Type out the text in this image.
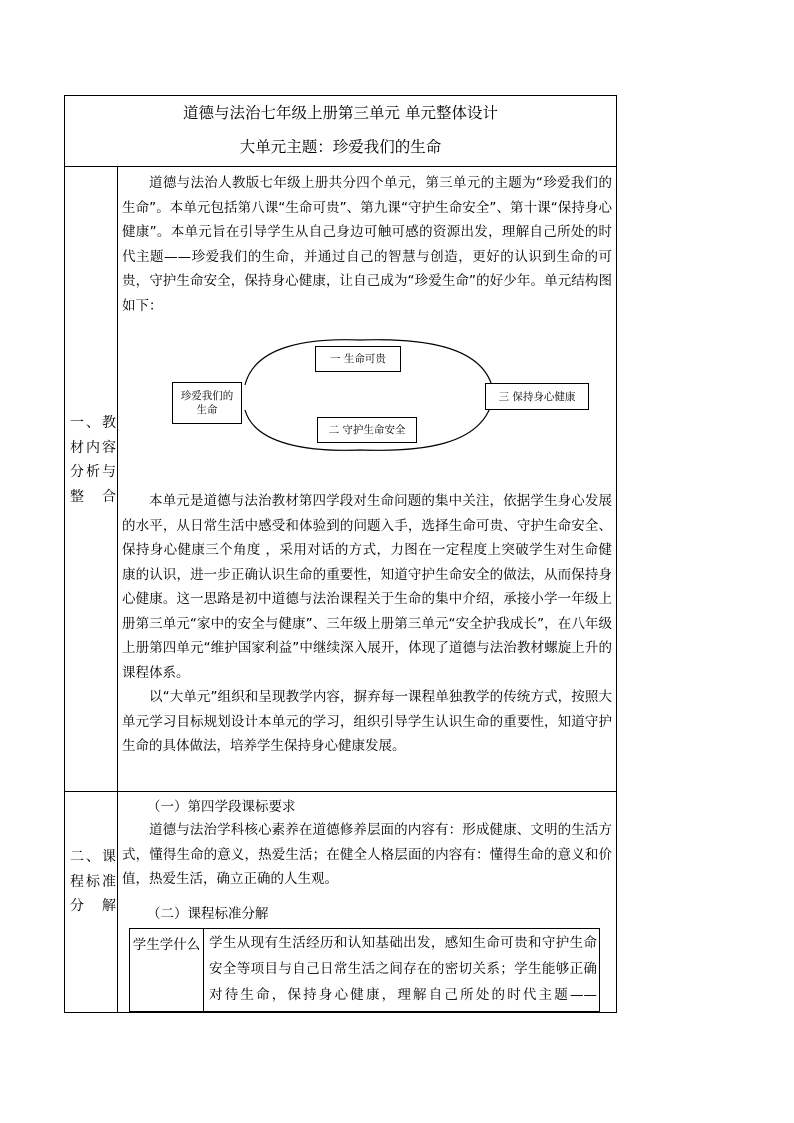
道德与法治七年级上册第三单元 单元整体设计
大单元主题：珍爱我们的生命
一、教材内容分析与整合

道德与法治人教版七年级上册共分四个单元，第三单元的主题为“珍爱我们的生命”。本单元包括第八课“生命可贵”、第九课“守护生命安全”、第十课“保持身心健康”。本单元旨在引导学生从自己身边可触可感的资源出发，理解自己所处的时代主题——珍爱我们的生命，并通过自己的智慧与创造，更好的认识到生命的可贵，守护生命安全，保持身心健康，让自己成为“珍爱生命”的好少年。单元结构图如下：

珍爱我们的生命
一 生命可贵
三 保持身心健康
二 守护生命安全

本单元是道德与法治教材第四学段对生命问题的集中关注，依据学生身心发展的水平，从日常生活中感受和体验到的问题入手，选择生命可贵、守护生命安全、保持身心健康三个角度 ，采用对话的方式，力图在一定程度上突破学生对生命健康的认识，进一步正确认识生命的重要性，知道守护生命安全的做法，从而保持身心健康。这一思路是初中道德与法治课程关于生命的集中介绍，承接小学一年级上册第三单元“家中的安全与健康”、三年级上册第三单元“安全护我成长”，在八年级上册第四单元“维护国家利益”中继续深入展开，体现了道德与法治教材螺旋上升的课程体系。

以“大单元”组织和呈现教学内容，摒弃每一课程单独教学的传统方式，按照大单元学习目标规划设计本单元的学习，组织引导学生认识生命的重要性，知道守护生命的具体做法，培养学生保持身心健康发展。

二、课程标准分解
（一）第四学段课标要求

道德与法治学科核心素养在道德修养层面的内容有：形成健康、文明的生活方式，懂得生命的意义，热爱生活；在健全人格层面的内容有：懂得生命的意义和价值，热爱生活，确立正确的人生观。

（二）课程标准分解
学生学什么 学生从现有生活经历和认知基础出发，感知生命可贵和守护生命安全等项目与自己日常生活之间存在的密切关系；学生能够正确对待生命，保持身心健康，理解自己所处的时代主题——
